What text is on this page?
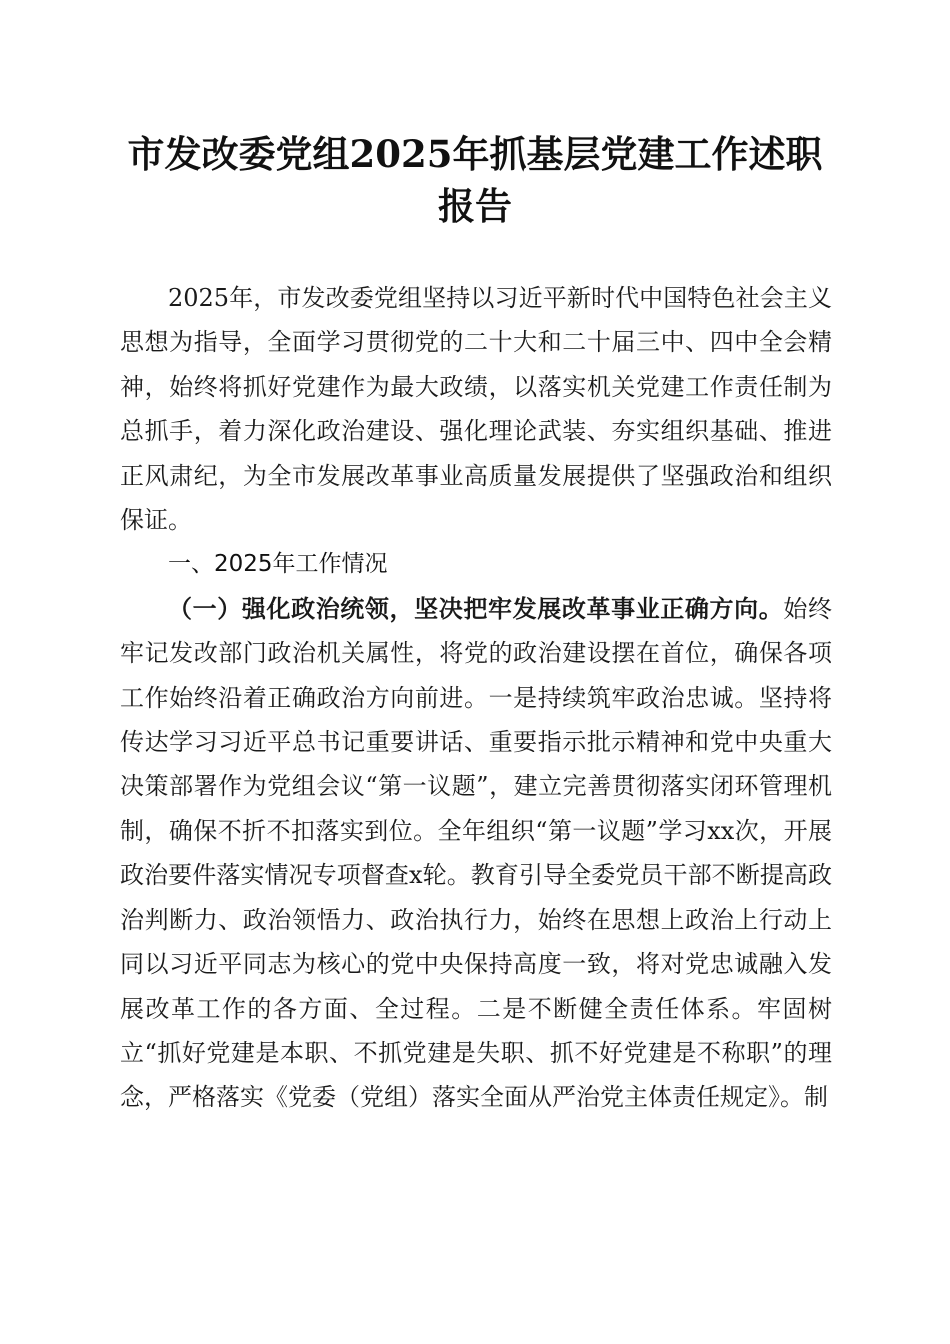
市发改委党组2025年抓基层党建工作述职报告

2025年，市发改委党组坚持以习近平新时代中国特色社会主义思想为指导，全面学习贯彻党的二十大和二十届三中、四中全会精神，始终将抓好党建作为最大政绩，以落实机关党建工作责任制为总抓手，着力深化政治建设、强化理论武装、夯实组织基础、推进正风肃纪，为全市发展改革事业高质量发展提供了坚强政治和组织保证。

一、2025年工作情况

（一）强化政治统领，坚决把牢发展改革事业正确方向。始终牢记发改部门政治机关属性，将党的政治建设摆在首位，确保各项工作始终沿着正确政治方向前进。一是持续筑牢政治忠诚。坚持将传达学习习近平总书记重要讲话、重要指示批示精神和党中央重大决策部署作为党组会议“第一议题”，建立完善贯彻落实闭环管理机制，确保不折不扣落实到位。全年组织“第一议题”学习xx次，开展政治要件落实情况专项督查x轮。教育引导全委党员干部不断提高政治判断力、政治领悟力、政治执行力，始终在思想上政治上行动上同以习近平同志为核心的党中央保持高度一致，将对党忠诚融入发展改革工作的各方面、全过程。二是不断健全责任体系。牢固树立“抓好党建是本职、不抓党建是失职、抓不好党建是不称职”的理念，严格落实《党委（党组）落实全面从严治党主体责任规定》。制
